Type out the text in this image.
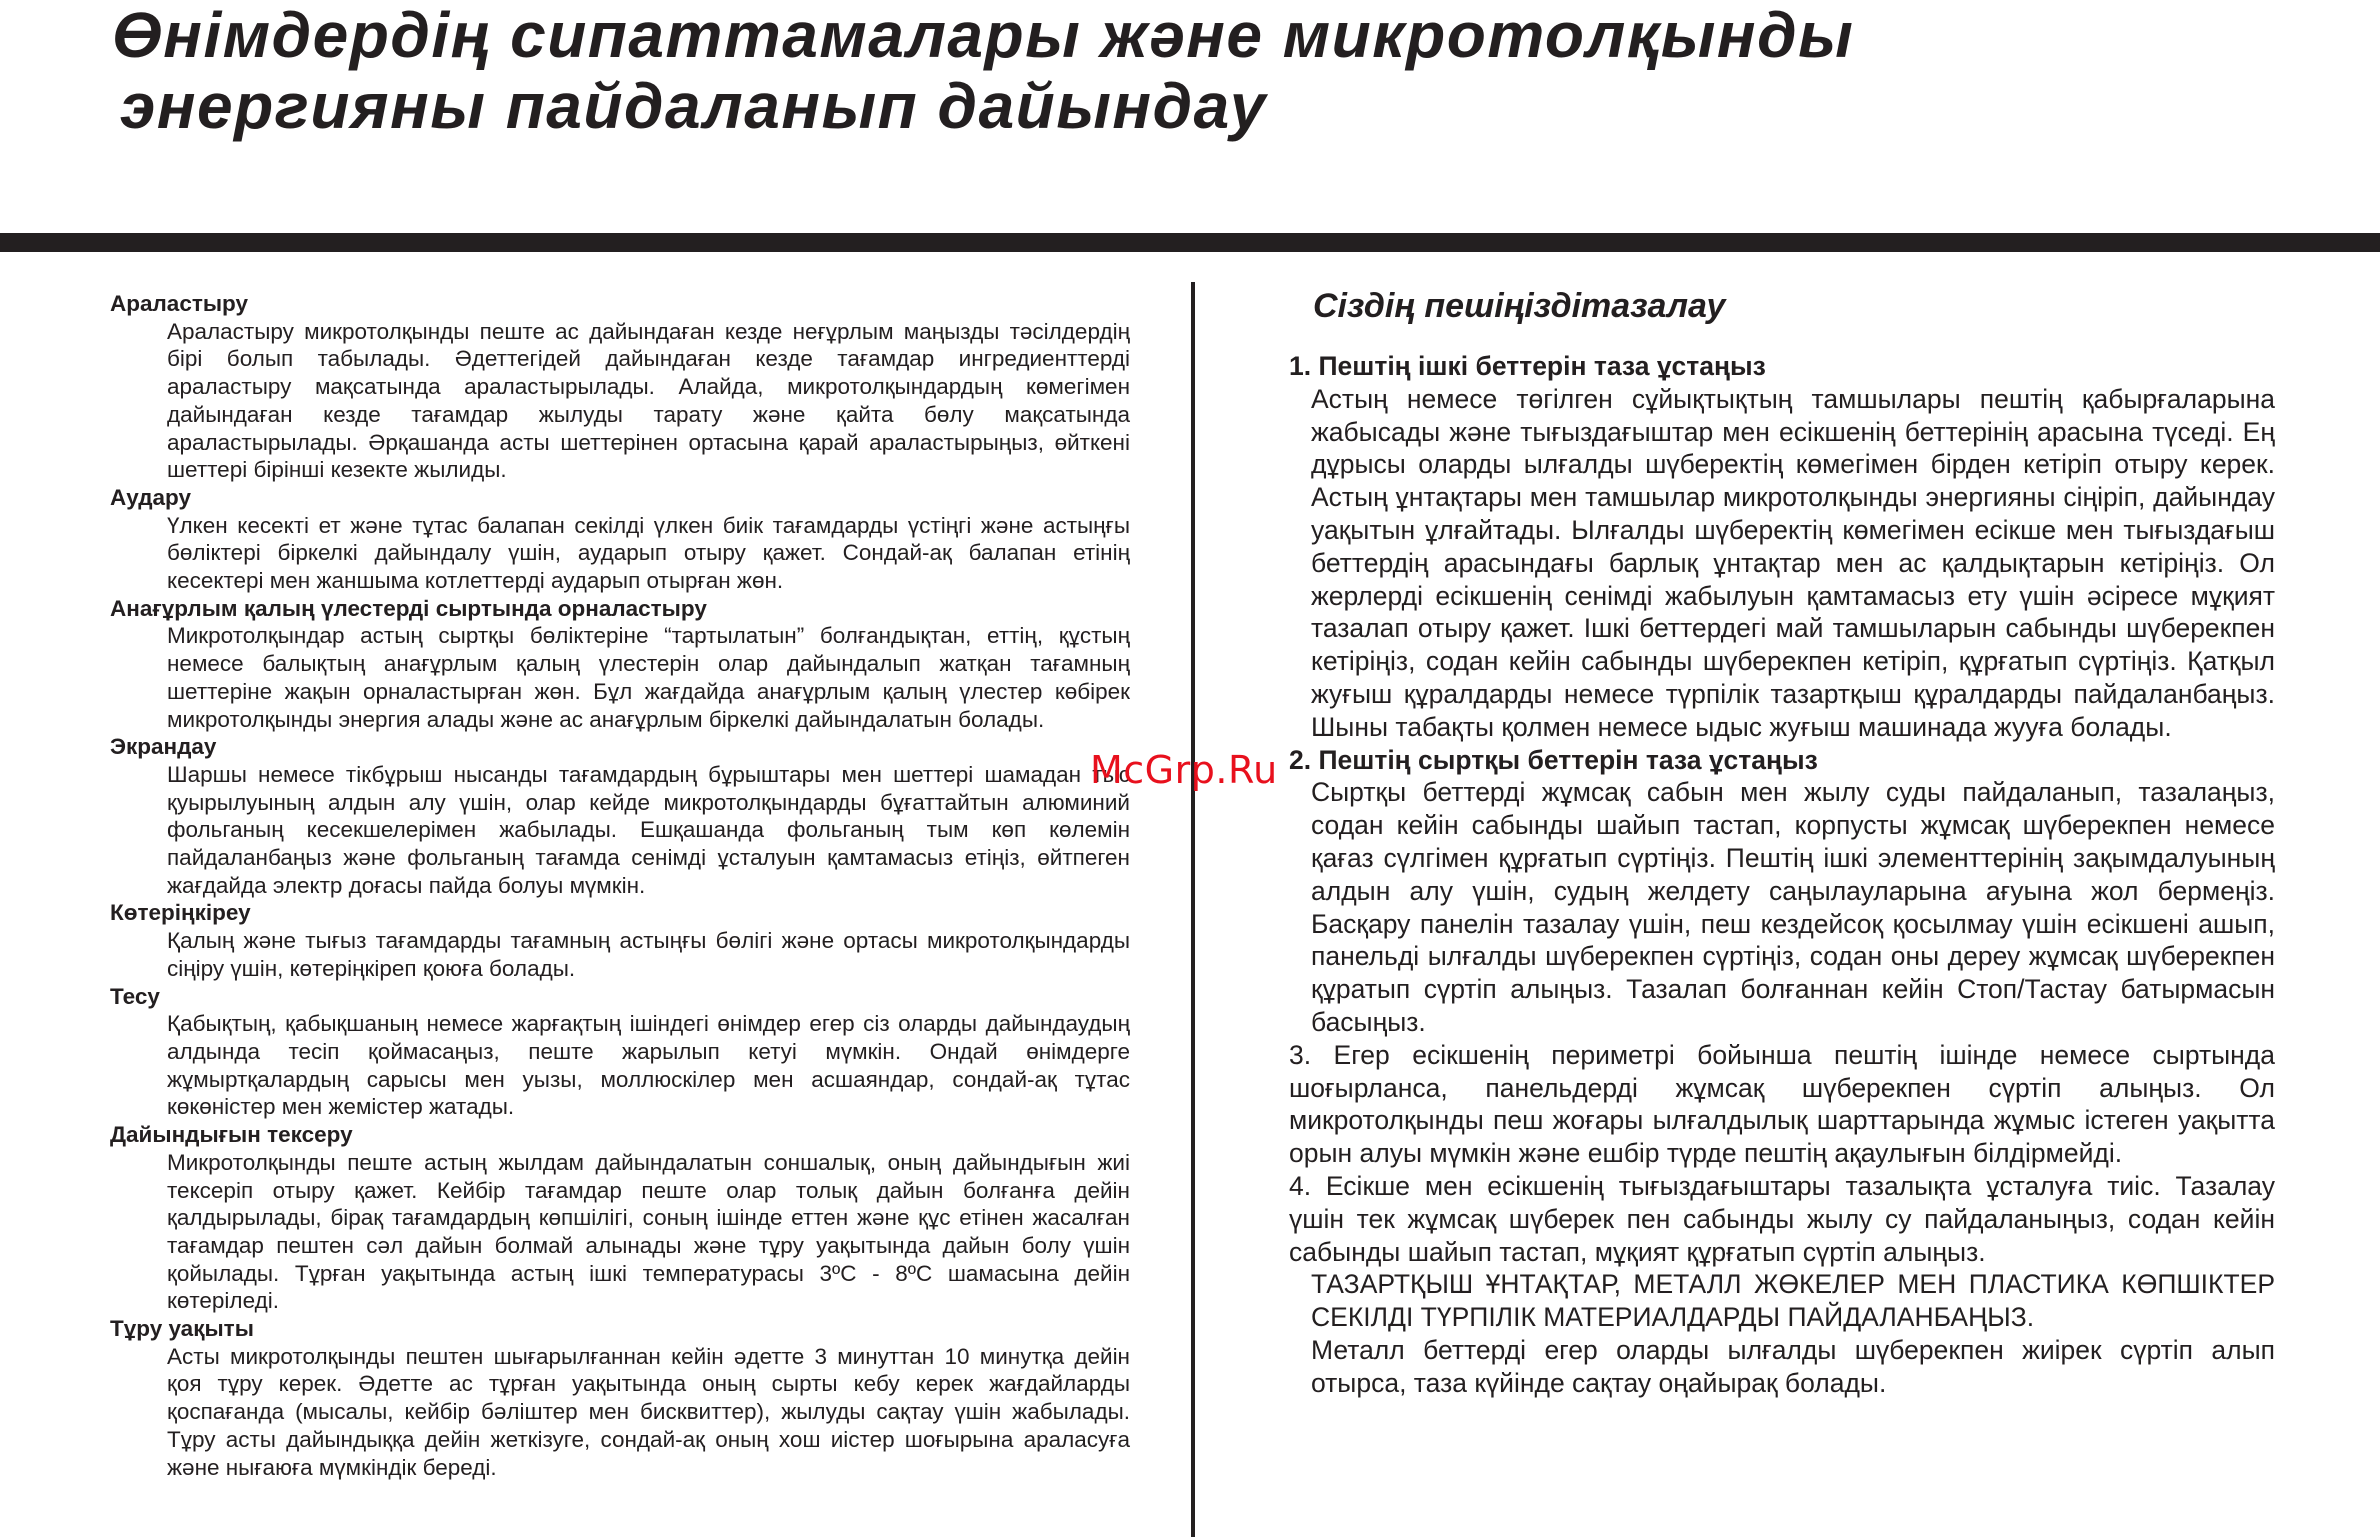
Өнімдердің сипаттамалары және микротолқынды
энергияны пайдаланып дайындау

Араластыру

Араластыру микротолқынды пеште ас дайындаған кезде неғұрлым маңызды тәсілдердің бірі болып табылады. Әдеттегідей дайындаған кезде тағамдар ингредиенттерді араластыру мақсатында араластырылады. Алайда, микротолқындардың көмегімен дайындаған кезде тағамдар жылуды тарату және қайта бөлу мақсатында араластырылады. Әрқашанда асты шеттерінен ортасына қарай араластырыңыз, өйткені шеттері бірінші кезекте жылиды.

Аудару

Үлкен кесекті ет және тұтас балапан секілді үлкен биік тағамдарды үстіңгі және астыңғы бөліктері біркелкі дайындалу үшін, аударып отыру қажет. Сондай-ақ балапан етінің кесектері мен жаншыма котлеттерді аударып отырған жөн.

Анағұрлым қалың үлестерді сыртында орналастыру

Микротолқындар астың сыртқы бөліктеріне “тартылатын” болғандықтан, еттің, құстың немесе балықтың анағұрлым қалың үлестерін олар дайындалып жатқан тағамның шеттеріне жақын орналастырған жөн. Бұл жағдайда анағұрлым қалың үлестер көбірек микротолқынды энергия алады және ас анағұрлым біркелкі дайындалатын болады.

Экрандау

Шаршы немесе тікбұрыш нысанды тағамдардың бұрыштары мен шеттері шамадан тыс қуырылуының алдын алу үшін, олар кейде микротолқындарды бұғаттайтын алюминий фольганың кесекшелерімен жабылады. Ешқашанда фольганың тым көп көлемін пайдаланбаңыз және фольганың тағамда сенімді ұсталуын қамтамасыз етіңіз, өйтпеген жағдайда электр доғасы пайда болуы мүмкін.

Көтеріңкіреу

Қалың және тығыз тағамдарды тағамның астыңғы бөлігі және ортасы микротолқындарды сіңіру үшін, көтеріңкіреп қоюға болады.

Тесу

Қабықтың, қабықшаның немесе жарғақтың ішіндегі өнімдер егер сіз оларды дайындаудың алдында тесіп қоймасаңыз, пеште жарылып кетуі мүмкін. Ондай өнімдерге жұмыртқалардың сарысы мен уызы, моллюскілер мен асшаяндар, сондай-ақ тұтас көкөністер мен жемістер жатады.

Дайындығын тексеру

Микротолқынды пеште астың жылдам дайындалатын соншалық, оның дайындығын жиі тексеріп отыру қажет. Кейбір тағамдар пеште олар толық дайын болғанға дейін қалдырылады, бірақ тағамдардың көпшілігі, соның ішінде еттен және құс етінен жасалған тағамдар пештен сәл дайын болмай алынады және тұру уақытында дайын болу үшін қойылады. Тұрған уақытында астың ішкі температурасы 3ºC - 8ºC шамасына дейін көтеріледі.

Тұру уақыты

Асты микротолқынды пештен шығарылғаннан кейін әдетте 3 минуттан 10 минутқа дейін қоя тұру керек. Әдетте ас тұрған уақытында оның сырты кебу керек жағдайларды қоспағанда (мысалы, кейбір бәлiштер мен бисквиттер), жылуды сақтау үшін жабылады. Тұру асты дайындыққа дейін жеткізуге, сондай-ақ оның хош иістер шоғырына араласуға және нығаюға мүмкіндік береді.

Сіздің пешіңіздітазалау

1. Пештің ішкі беттерін таза ұстаңыз

Астың немесе төгілген сұйықтықтың тамшылары пештің қабырғаларына жабысады және тығыздағыштар мен есікшенің беттерінің арасына түседі. Ең дұрысы оларды ылғалды шүберектің көмегімен бірден кетіріп отыру керек. Астың ұнтақтары мен тамшылар микротолқынды энергияны сіңіріп, дайындау уақытын ұлғайтады. Ылғалды шүберектің көмегімен есікше мен тығыздағыш беттердің арасындағы барлық ұнтақтар мен ас қалдықтарын кетіріңіз. Ол жерлерді есікшенің сенімді жабылуын қамтамасыз ету үшін әсіресе мұқият тазалап отыру қажет. Ішкі беттердегі май тамшыларын сабынды шүберекпен кетіріңіз, содан кейін сабынды шүберекпен кетіріп, құрғатып сүртіңіз. Қатқыл жуғыш құралдарды немесе түрпілік тазартқыш құралдарды пайдаланбаңыз. Шыны табақты қолмен немесе ыдыс жуғыш машинада жууға болады.

2. Пештің сыртқы беттерін таза ұстаңыз

Сыртқы беттерді жұмсақ сабын мен жылу суды пайдаланып, тазалаңыз, содан кейін сабынды шайып тастап, корпусты жұмсақ шүберекпен немесе қағаз сүлгімен құрғатып сүртіңіз. Пештің ішкі элементтерінің зақымдалуының алдын алу үшін, судың желдету саңылауларына ағуына жол бермеңіз. Басқару панелін тазалау үшін, пеш кездейсоқ қосылмау үшін есікшені ашып, панельді ылғалды шүберекпен сүртіңіз, содан оны дереу жұмсақ шүберекпен құратып сүртіп алыңыз. Тазалап болғаннан кейін Стоп/Тастау батырмасын басыңыз.

3. Егер есікшенің периметрі бойынша пештің ішінде немесе сыртында шоғырланса, панельдерді жұмсақ шүберекпен сүртіп алыңыз. Ол микротолқынды пеш жоғары ылғалдылық шарттарында жұмыс істеген уақытта орын алуы мүмкін және ешбір түрде пештің ақаулығын білдірмейді.

4. Есікше мен есікшенің тығыздағыштары тазалықта ұсталуға тиіс. Тазалау үшін тек жұмсақ шүберек пен сабынды жылу су пайдаланыңыз, содан кейін сабынды шайып тастап, мұқият құрғатып сүртіп алыңыз.

ТАЗАРТҚЫШ ҰНТАҚТАР, МЕТАЛЛ ЖӨКЕЛЕР МЕН ПЛАСТИКА КӨПШІКТЕР СЕКІЛДІ ТҮРПІЛІК МАТЕРИАЛДАРДЫ ПАЙДАЛАНБАҢЫЗ.

Металл беттерді егер оларды ылғалды шүберекпен жиірек сүртіп алып отырса, таза күйінде сақтау оңайырақ болады.

McGrp.Ru
